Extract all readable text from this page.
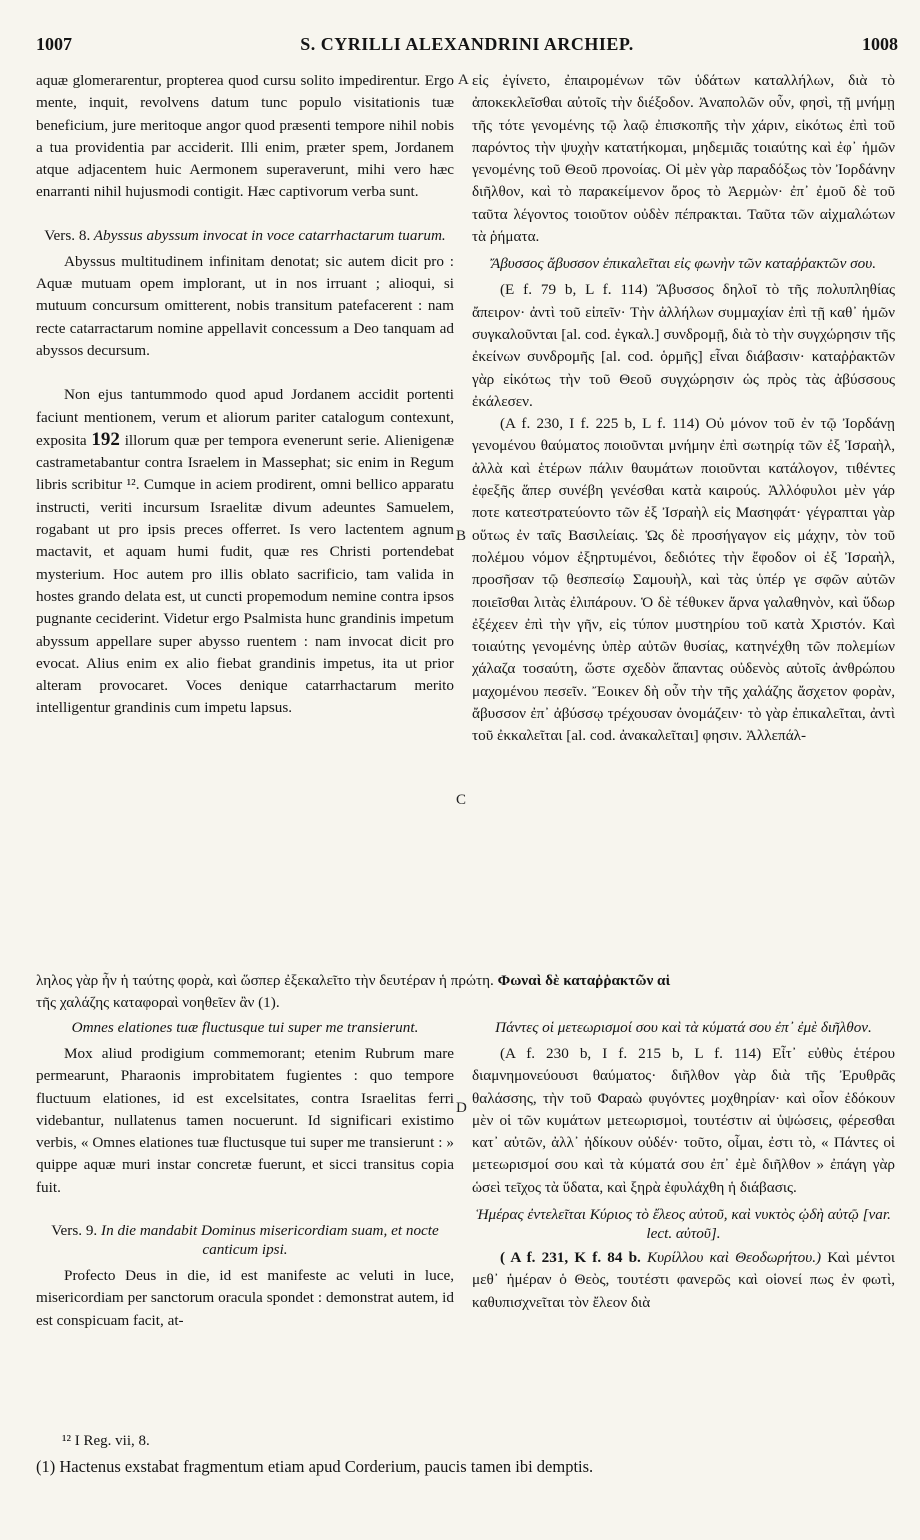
1007	S. CYRILLI ALEXANDRINI ARCHIEP.	1008
A
B
C
D

aquæ glomerarentur, propterea quod cursu solito impedirentur. Ergo mente, inquit, revolvens datum tunc populo visitationis tuæ beneficium, jure meritoque angor quod præsenti tempore nihil nobis a tua providentia par acciderit. Illi enim, præter spem, Jordanem atque adjacentem huic Aermonem superaverunt, mihi vero hæc enarranti nihil hujusmodi contigit. Hæc captivorum verba sunt.

Vers. 8. Abyssus abyssum invocat in voce catarrhactarum tuarum.

Abyssus multitudinem infinitam denotat; sic autem dicit pro : Aquæ mutuam opem implorant, ut in nos irruant ; alioqui, si mutuum concursum omitterent, nobis transitum patefacerent : nam recte catarractarum nomine appellavit concessum a Deo tanquam ad abyssos decursum.

Non ejus tantummodo quod apud Jordanem accidit portenti faciunt mentionem, verum et aliorum pariter catalogum contexunt, exposita 192 illorum quæ per tempora evenerunt serie. Alienigenæ castrametabantur contra Israelem in Massephat; sic enim in Regum libris scribitur ¹². Cumque in aciem prodirent, omni bellico apparatu instructi, veriti incursum Israelitæ divum adeuntes Samuelem, rogabant ut pro ipsis preces offerret. Is vero lactentem agnum mactavit, et aquam humi fudit, quæ res Christi portendebat mysterium. Hoc autem pro illis oblato sacrificio, tam valida in hostes grando delata est, ut cuncti propemodum nemine contra ipsos pugnante ceciderint. Videtur ergo Psalmista hunc grandinis impetum abyssum appellare super abysso ruentem : nam invocat dicit pro evocat. Alius enim ex alio fiebat grandinis impetus, ita ut prior alteram provocaret. Voces denique catarrhactarum merito intelligentur grandinis cum impetu lapsus.

ληλος γὰρ ἦν ἡ ταύτης φορὰ, καὶ ὥσπερ ἐξεκαλεῖτο τὴν δευτέραν ἡ πρώτη. Φωναὶ δὲ καταῤῥακτῶν αἱ
τῆς χαλάζης καταφοραὶ νοηθεῖεν ἂν (1).
Omnes elationes tuæ fluctusque tui super me transierunt.

Mox aliud prodigium commemorant; etenim Rubrum mare permearunt, Pharaonis improbitatem fugientes : quo tempore fluctuum elationes, id est excelsitates, contra Israelitas ferri videbantur, nullatenus tamen nocuerunt. Id significari existimo verbis, « Omnes elationes tuæ fluctusque tui super me transierunt : » quippe aquæ muri instar concretæ fuerunt, et sicci transitus copia fuit.

Vers. 9. In die mandabit Dominus misericordiam suam, et nocte canticum ipsi.

Profecto Deus in die, id est manifeste ac veluti in luce, misericordiam per sanctorum oracula spondet : demonstrat autem, id est conspicuam facit, at-

εἰς ἐγίνετο, ἐπαιρομένων τῶν ὑδάτων καταλλήλων, διὰ τὸ ἀποκεκλεῖσθαι αὐτοῖς τὴν διέξοδον. Ἀναπολῶν οὖν, φησὶ, τῇ μνήμῃ τῆς τότε γενομένης τῷ λαῷ ἐπισκοπῆς τὴν χάριν, εἰκότως ἐπὶ τοῦ παρόντος τὴν ψυχὴν κατατήκομαι, μηδεμιᾶς τοιαύτης καὶ ἐφ᾽ ἡμῶν γενομένης τοῦ Θεοῦ προνοίας. Οἱ μὲν γὰρ παραδόξως τὸν Ἰορδάνην διῆλθον, καὶ τὸ παρακείμενον ὄρος τὸ Ἀερμὼν· ἐπ᾽ ἐμοῦ δὲ τοῦ ταῦτα λέγοντος τοιοῦτον οὐδὲν πέπρακται. Ταῦτα τῶν αἰχμαλώτων τὰ ῥήματα.

Ἄβυσσος ἄβυσσον ἐπικαλεῖται εἰς φωνὴν τῶν καταῤῥακτῶν σου.

(E f. 79 b, L f. 114) Ἄβυσσος δηλοῖ τὸ τῆς πολυπληθίας ἄπειρον· ἀντὶ τοῦ εἰπεῖν· Τὴν ἀλλήλων συμμαχίαν ἐπὶ τῇ καθ᾽ ἡμῶν συγκαλοῦνται [al. cod. ἐγκαλ.] συνδρομῇ, διὰ τὸ τὴν συγχώρησιν τῆς ἐκείνων συνδρομῆς [al. cod. ὁρμῆς] εἶναι διάβασιν· καταῤῥακτῶν γὰρ εἰκότως τὴν τοῦ Θεοῦ συγχώρησιν ὡς πρὸς τὰς ἀβύσσους ἐκάλεσεν.

(A f. 230, I f. 225 b, L f. 114) Οὐ μόνον τοῦ ἐν τῷ Ἰορδάνῃ γενομένου θαύματος ποιοῦνται μνήμην ἐπὶ σωτηρίᾳ τῶν ἐξ Ἰσραὴλ, ἀλλὰ καὶ ἑτέρων πάλιν θαυμάτων ποιοῦνται κατάλογον, τιθέντες ἐφεξῆς ἅπερ συνέβη γενέσθαι κατὰ καιρούς. Ἀλλόφυλοι μὲν γάρ ποτε κατεστρατεύοντο τῶν ἐξ Ἰσραὴλ εἰς Μασηφάτ· γέγραπται γὰρ οὕτως ἐν ταῖς Βασιλείαις. Ὡς δὲ προσήγαγον εἰς μάχην, τὸν τοῦ πολέμου νόμον ἐξηρτυμένοι, δεδιότες τὴν ἔφοδον οἱ ἐξ Ἰσραὴλ, προσῆσαν τῷ θεσπεσίῳ Σαμουὴλ, καὶ τὰς ὑπέρ γε σφῶν αὐτῶν ποιεῖσθαι λιτὰς ἐλιπάρουν. Ὁ δὲ τέθυκεν ἄρνα γαλαθηνὸν, καὶ ὕδωρ ἐξέχεεν ἐπὶ τὴν γῆν, εἰς τύπον μυστηρίου τοῦ κατὰ Χριστόν. Καὶ τοιαύτης γενομένης ὑπὲρ αὐτῶν θυσίας, κατηνέχθη τῶν πολεμίων χάλαζα τοσαύτη, ὥστε σχεδὸν ἅπαντας οὐδενὸς αὐτοῖς ἀνθρώπου μαχομένου πεσεῖν. Ἔοικεν δὴ οὖν τὴν τῆς χαλάζης ἄσχετον φορὰν, ἄβυσσον ἐπ᾽ ἀβύσσῳ τρέχουσαν ὀνομάζειν· τὸ γὰρ ἐπικαλεῖται, ἀντὶ τοῦ ἐκκαλεῖται [al. cod. ἀνακαλεῖται] φησιν. Ἀλλεπάλ-

Πάντες οἱ μετεωρισμοί σου καὶ τὰ κύματά σου ἐπ᾽ ἐμὲ διῆλθον.

(A f. 230 b, I f. 215 b, L f. 114) Εἶτ᾽ εὐθὺς ἑτέρου διαμνημονεύουσι θαύματος· διῆλθον γὰρ διὰ τῆς Ἐρυθρᾶς θαλάσσης, τὴν τοῦ Φαραὼ φυγόντες μοχθηρίαν· καὶ οἷον ἐδόκουν μὲν οἱ τῶν κυμάτων μετεωρισμοὶ, τουτέστιν αἱ ὑψώσεις, φέρεσθαι κατ᾽ αὐτῶν, ἀλλ᾽ ἠδίκουν οὐδέν· τοῦτο, οἶμαι, ἐστι τὸ, « Πάντες οἱ μετεωρισμοί σου καὶ τὰ κύματά σου ἐπ᾽ ἐμὲ διῆλθον » ἐπάγη γὰρ ὡσεὶ τεῖχος τὰ ὕδατα, καὶ ξηρὰ ἐφυλάχθη ἡ διάβασις.

Ἡμέρας ἐντελεῖται Κύριος τὸ ἔλεος αὐτοῦ, καὶ νυκτὸς ᾠδὴ αὐτῷ [var. lect. αὐτοῦ].

( A f. 231, K f. 84 b. Κυρίλλου καὶ Θεοδωρήτου.) Καὶ μέντοι μεθ᾽ ἡμέραν ὁ Θεὸς, τουτέστι φανερῶς καὶ οἱονεί πως ἐν φωτὶ, καθυπισχνεῖται τὸν ἔλεον διὰ

¹² I Reg. vii, 8.
(1) Hactenus exstabat fragmentum etiam apud Corderium, paucis tamen ibi demptis.
